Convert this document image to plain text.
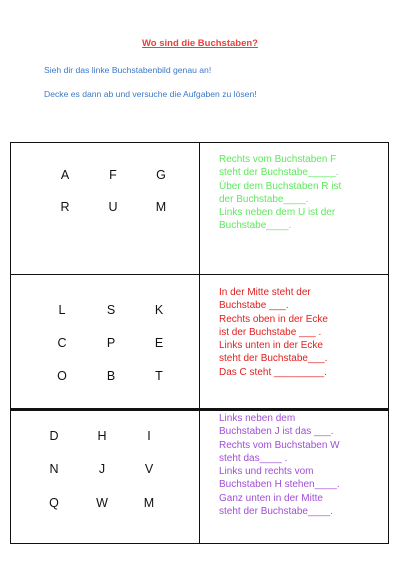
Wo sind die Buchstaben?
Sieh dir das linke Buchstabenbild genau an!
Decke es dann ab und versuche die Aufgaben zu lösen!
A	F	G
R	U	M
Rechts vom Buchstaben F
steht der Buchstabe_____.
Über dem Buchstaben R ist
der Buchstabe____.
Links neben dem U ist der
Buchstabe____.
L	S	K
C	P	E
O	B	T
In der Mitte steht der
Buchstabe ___.
Rechts oben in der Ecke
ist der Buchstabe ___ .
Links unten in der Ecke
steht der Buchstabe___.
Das C steht _________.
D	H	I
N	J	V
Q	W	M
Links neben dem
Buchstaben J ist das ___.
Rechts vom Buchstaben W
steht das____ .
Links und rechts vom
Buchstaben H stehen____.
Ganz unten in der Mitte
steht der Buchstabe____.
